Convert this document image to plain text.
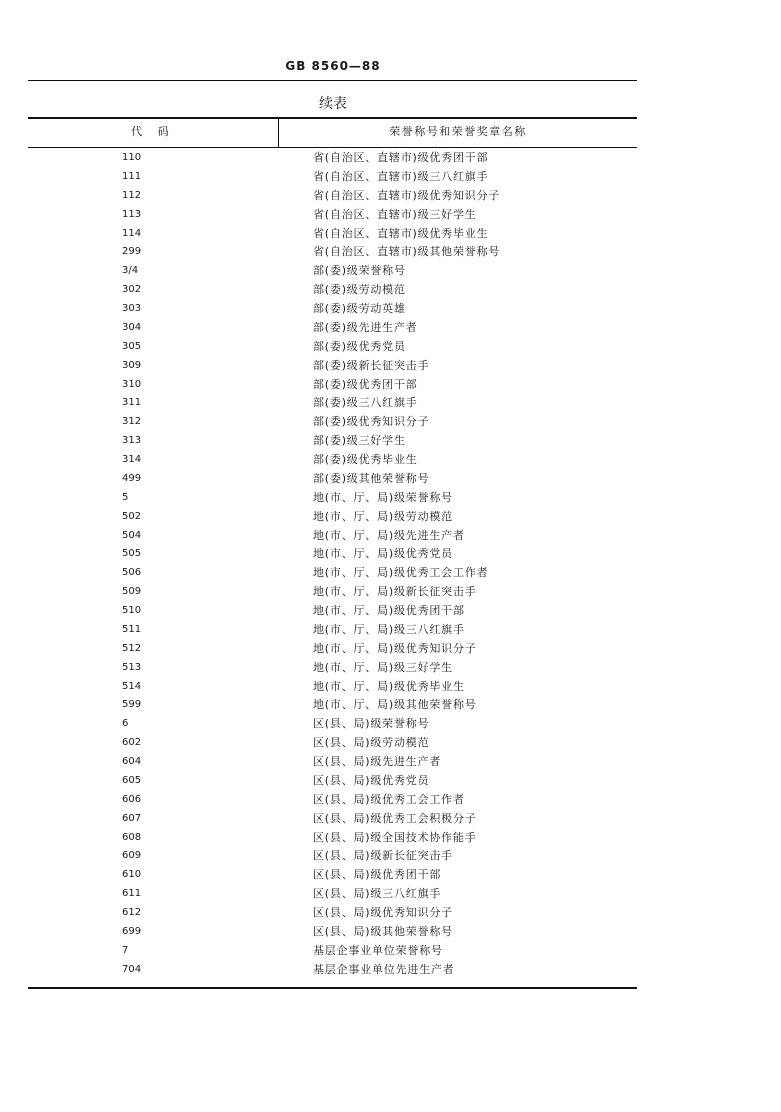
GB 8560—88
续表
代 码	荣誉称号和荣誉奖章名称
110	省(自治区、直辖市)级优秀团干部
111	省(自治区、直辖市)级三八红旗手
112	省(自治区、直辖市)级优秀知识分子
113	省(自治区、直辖市)级三好学生
114	省(自治区、直辖市)级优秀毕业生
299	省(自治区、直辖市)级其他荣誉称号
3/4	部(委)级荣誉称号
302	部(委)级劳动模范
303	部(委)级劳动英雄
304	部(委)级先进生产者
305	部(委)级优秀党员
309	部(委)级新长征突击手
310	部(委)级优秀团干部
311	部(委)级三八红旗手
312	部(委)级优秀知识分子
313	部(委)级三好学生
314	部(委)级优秀毕业生
499	部(委)级其他荣誉称号
5	地(市、厅、局)级荣誉称号
502	地(市、厅、局)级劳动模范
504	地(市、厅、局)级先进生产者
505	地(市、厅、局)级优秀党员
506	地(市、厅、局)级优秀工会工作者
509	地(市、厅、局)级新长征突击手
510	地(市、厅、局)级优秀团干部
511	地(市、厅、局)级三八红旗手
512	地(市、厅、局)级优秀知识分子
513	地(市、厅、局)级三好学生
514	地(市、厅、局)级优秀毕业生
599	地(市、厅、局)级其他荣誉称号
6	区(县、局)级荣誉称号
602	区(县、局)级劳动模范
604	区(县、局)级先进生产者
605	区(县、局)级优秀党员
606	区(县、局)级优秀工会工作者
607	区(县、局)级优秀工会积极分子
608	区(县、局)级全国技术协作能手
609	区(县、局)级新长征突击手
610	区(县、局)级优秀团干部
611	区(县、局)级三八红旗手
612	区(县、局)级优秀知识分子
699	区(县、局)级其他荣誉称号
7	基层企事业单位荣誉称号
704	基层企事业单位先进生产者
